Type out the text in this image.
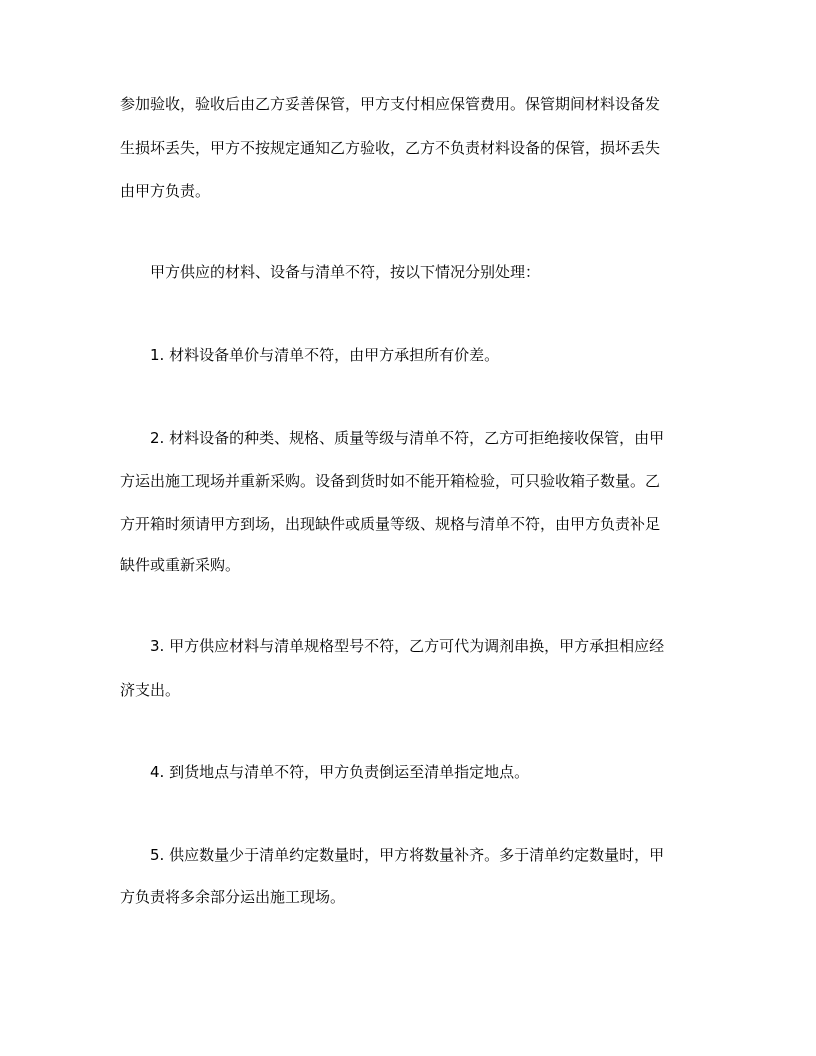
参加验收，验收后由乙方妥善保管，甲方支付相应保管费用。保管期间材料设备发
生损坏丢失，甲方不按规定通知乙方验收，乙方不负责材料设备的保管，损坏丢失
由甲方负责。
甲方供应的材料、设备与清单不符，按以下情况分别处理：
1. 材料设备单价与清单不符，由甲方承担所有价差。
2. 材料设备的种类、规格、质量等级与清单不符，乙方可拒绝接收保管，由甲
方运出施工现场并重新采购。设备到货时如不能开箱检验，可只验收箱子数量。乙
方开箱时须请甲方到场，出现缺件或质量等级、规格与清单不符，由甲方负责补足
缺件或重新采购。
3. 甲方供应材料与清单规格型号不符，乙方可代为调剂串换，甲方承担相应经
济支出。
4. 到货地点与清单不符，甲方负责倒运至清单指定地点。
5. 供应数量少于清单约定数量时，甲方将数量补齐。多于清单约定数量时，甲
方负责将多余部分运出施工现场。
